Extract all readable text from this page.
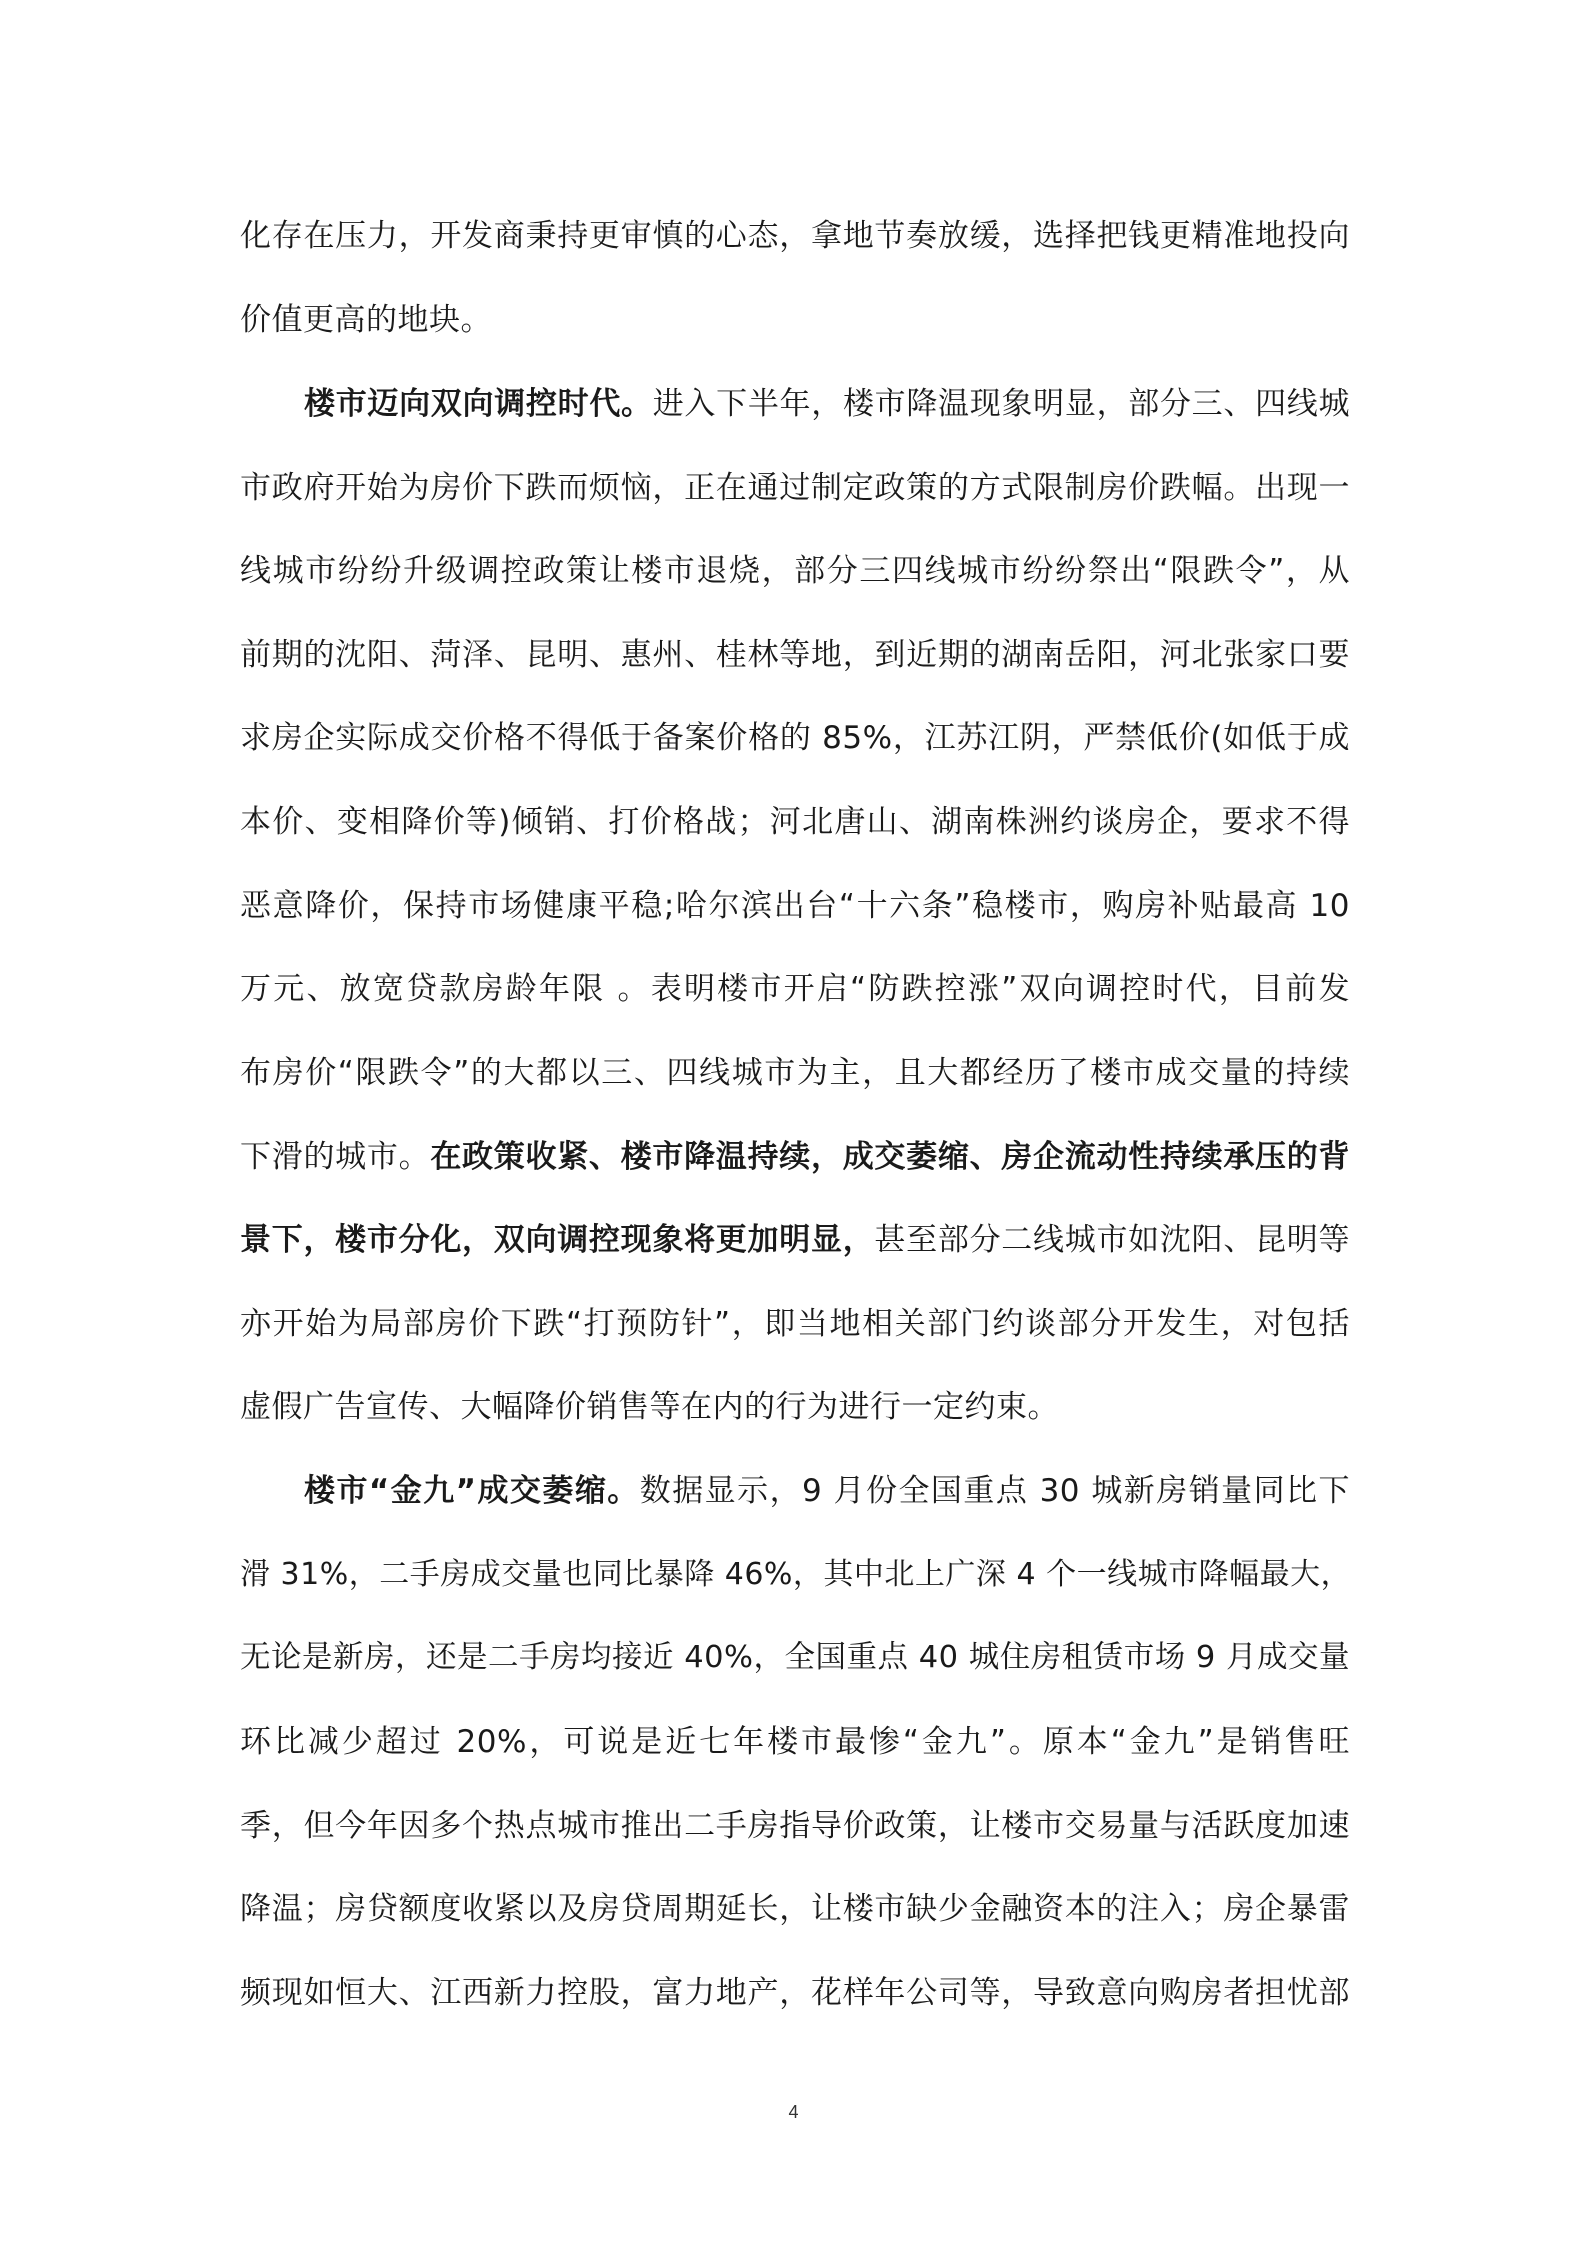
化存在压力，开发商秉持更审慎的心态，拿地节奏放缓，选择把钱更精准地投向
价值更高的地块。
楼市迈向双向调控时代。进入下半年，楼市降温现象明显，部分三、四线城
市政府开始为房价下跌而烦恼，正在通过制定政策的方式限制房价跌幅。出现一
线城市纷纷升级调控政策让楼市退烧，部分三四线城市纷纷祭出“限跌令”，从
前期的沈阳、菏泽、昆明、惠州、桂林等地，到近期的湖南岳阳，河北张家口要
求房企实际成交价格不得低于备案价格的 85%，江苏江阴，严禁低价(如低于成
本价、变相降价等)倾销、打价格战；河北唐山、湖南株洲约谈房企，要求不得
恶意降价，保持市场健康平稳;哈尔滨出台“十六条”稳楼市，购房补贴最高 10
万元、放宽贷款房龄年限 。表明楼市开启“防跌控涨”双向调控时代，目前发
布房价“限跌令”的大都以三、四线城市为主，且大都经历了楼市成交量的持续
下滑的城市。在政策收紧、楼市降温持续，成交萎缩、房企流动性持续承压的背
景下，楼市分化，双向调控现象将更加明显，甚至部分二线城市如沈阳、昆明等
亦开始为局部房价下跌“打预防针”，即当地相关部门约谈部分开发生，对包括
虚假广告宣传、大幅降价销售等在内的行为进行一定约束。
楼市“金九”成交萎缩。数据显示，9 月份全国重点 30 城新房销量同比下
滑 31%，二手房成交量也同比暴降 46%，其中北上广深 4 个一线城市降幅最大，
无论是新房，还是二手房均接近 40%，全国重点 40 城住房租赁市场 9 月成交量
环比减少超过 20%，可说是近七年楼市最惨“金九”。原本“金九”是销售旺
季，但今年因多个热点城市推出二手房指导价政策，让楼市交易量与活跃度加速
降温；房贷额度收紧以及房贷周期延长，让楼市缺少金融资本的注入；房企暴雷
频现如恒大、江西新力控股，富力地产，花样年公司等，导致意向购房者担忧部
4
